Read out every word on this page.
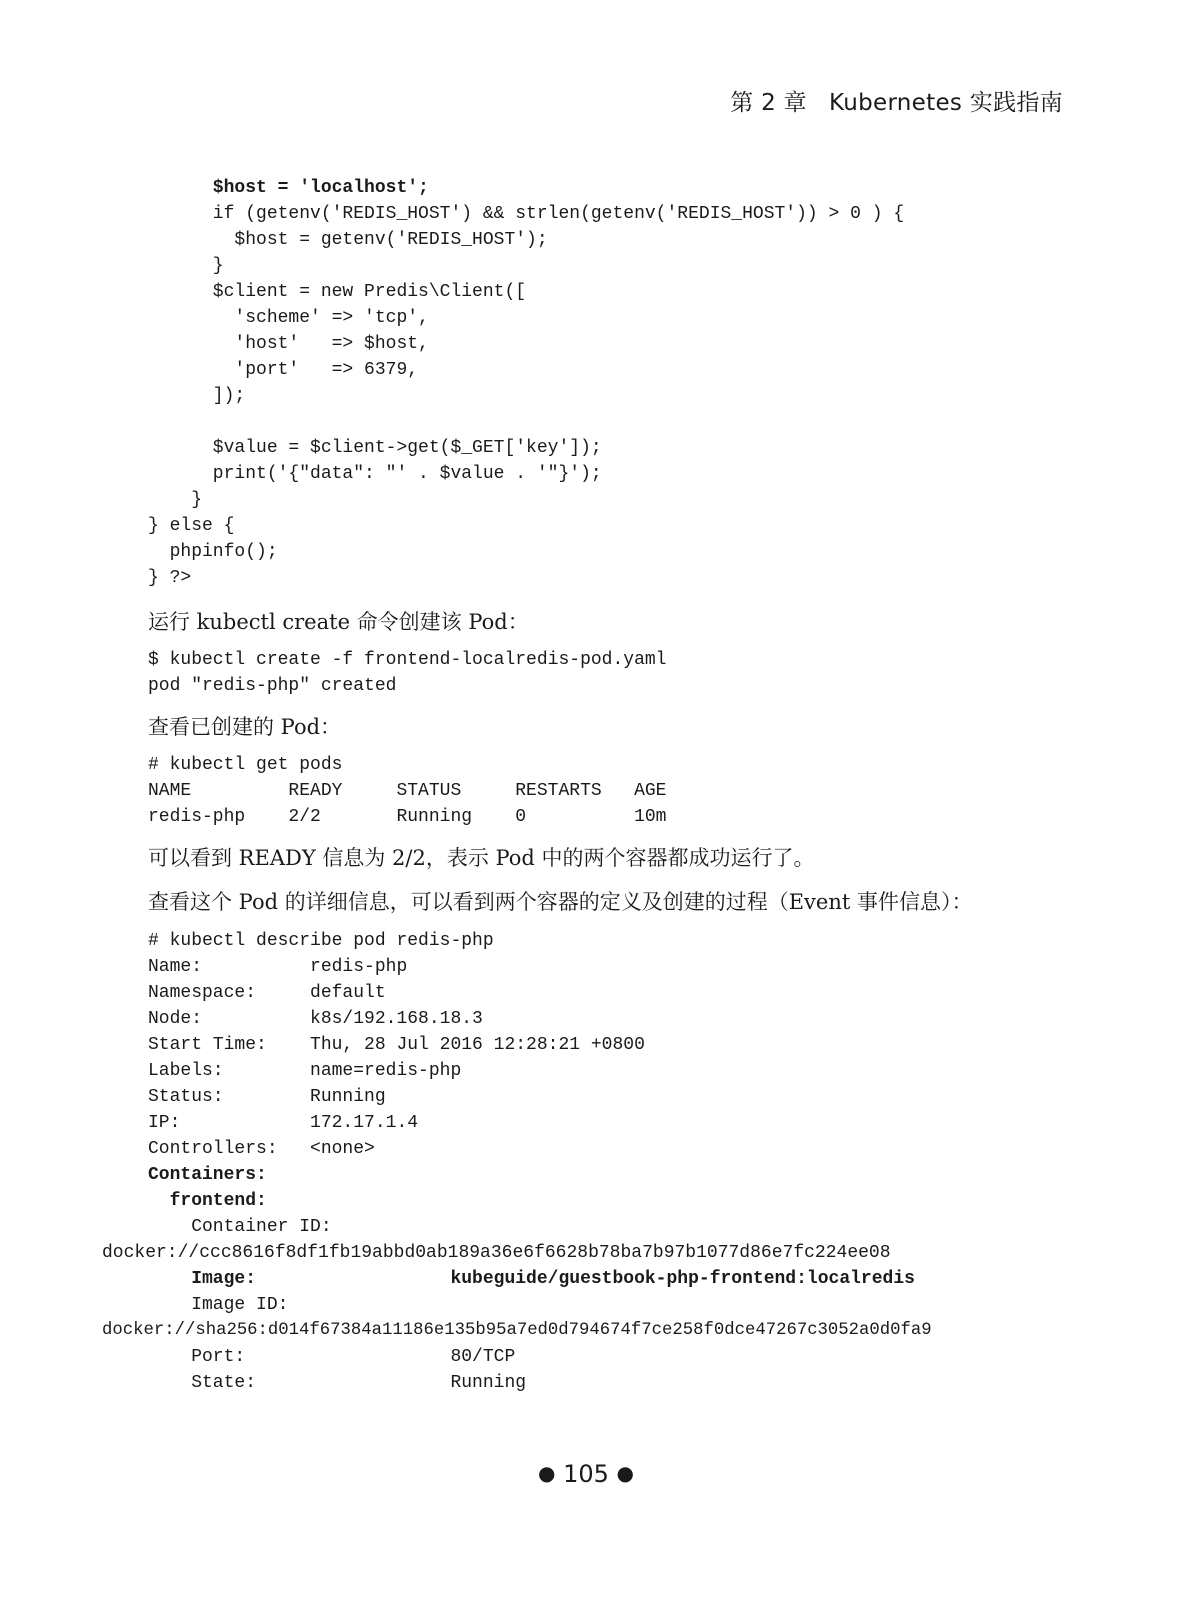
第 2 章 Kubernetes 实践指南
$host = 'localhost';
if (getenv('REDIS_HOST') && strlen(getenv('REDIS_HOST')) > 0 ) {
$host = getenv('REDIS_HOST');
}
$client = new Predis\Client([
'scheme' => 'tcp',
'host'   => $host,
'port'   => 6379,
]);
$value = $client->get($_GET['key']);
print('{"data": "' . $value . '"}');
}
} else {
phpinfo();
} ?>
运行 kubectl create 命令创建该 Pod：
$ kubectl create -f frontend-localredis-pod.yaml
pod "redis-php" created
查看已创建的 Pod：
# kubectl get pods
NAME         READY     STATUS     RESTARTS   AGE
redis-php    2/2       Running    0          10m
可以看到 READY 信息为 2/2，表示 Pod 中的两个容器都成功运行了。
查看这个 Pod 的详细信息，可以看到两个容器的定义及创建的过程（Event 事件信息）：
# kubectl describe pod redis-php
Name:          redis-php
Namespace:     default
Node:          k8s/192.168.18.3
Start Time:    Thu, 28 Jul 2016 12:28:21 +0800
Labels:        name=redis-php
Status:        Running
IP:            172.17.1.4
Controllers:   <none>
Containers:
frontend:
Container ID:
docker://ccc8616f8df1fb19abbd0ab189a36e6f6628b78ba7b97b1077d86e7fc224ee08
Image:                  kubeguide/guestbook-php-frontend:localredis
Image ID:
docker://sha256:d014f67384a11186e135b95a7ed0d794674f7ce258f0dce47267c3052a0d0fa9
Port:                   80/TCP
State:                  Running
● 105 ●
